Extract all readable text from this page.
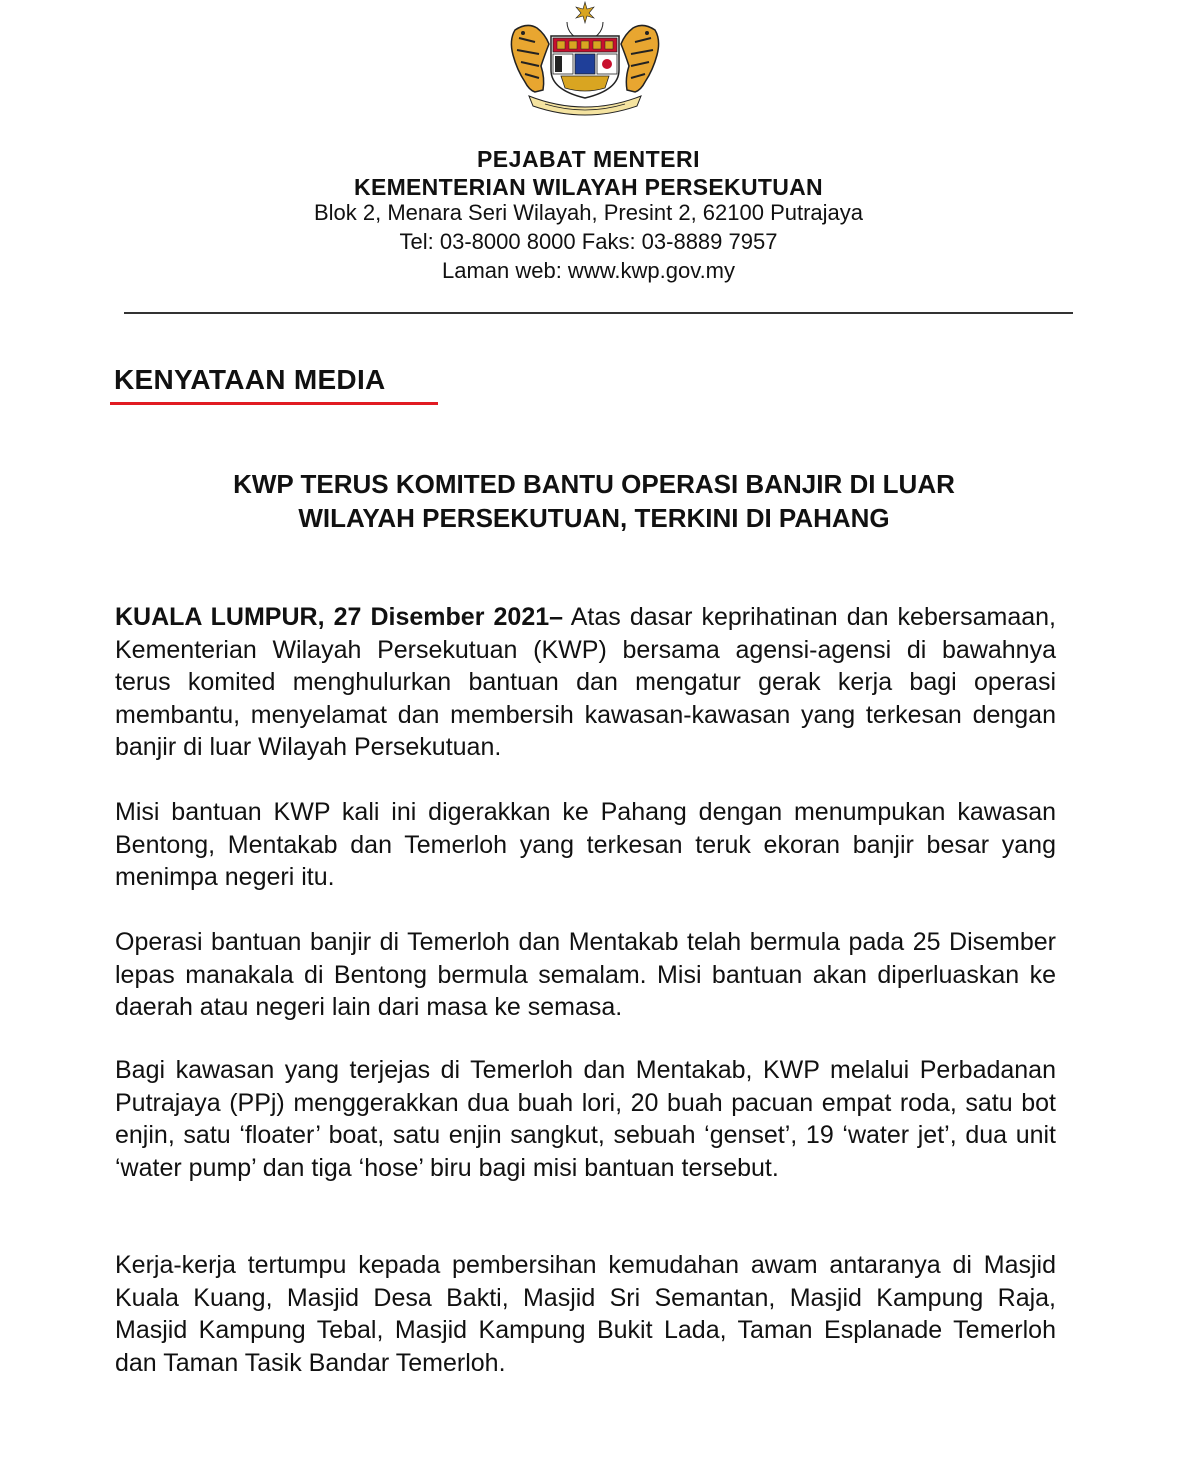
PEJABAT MENTERI
KEMENTERIAN WILAYAH PERSEKUTUAN
Blok 2, Menara Seri Wilayah, Presint 2, 62100 Putrajaya
Tel: 03-8000 8000 Faks: 03-8889 7957
Laman web: www.kwp.gov.my
KENYATAAN MEDIA
KWP TERUS KOMITED BANTU OPERASI BANJIR DI LUAR
WILAYAH PERSEKUTUAN, TERKINI DI PAHANG

KUALA LUMPUR, 27 Disember 2021– Atas dasar keprihatinan dan kebersamaan, Kementerian Wilayah Persekutuan (KWP) bersama agensi-agensi di bawahnya terus komited menghulurkan bantuan dan mengatur gerak kerja bagi operasi membantu, menyelamat dan membersih kawasan-kawasan yang terkesan dengan banjir di luar Wilayah Persekutuan.

Misi bantuan KWP kali ini digerakkan ke Pahang dengan menumpukan kawasan Bentong, Mentakab dan Temerloh yang terkesan teruk ekoran banjir besar yang menimpa negeri itu.

Operasi bantuan banjir di Temerloh dan Mentakab telah bermula pada 25 Disember lepas manakala di Bentong bermula semalam. Misi bantuan akan diperluaskan ke daerah atau negeri lain dari masa ke semasa.

Bagi kawasan yang terjejas di Temerloh dan Mentakab, KWP melalui Perbadanan Putrajaya (PPj) menggerakkan dua buah lori, 20 buah pacuan empat roda, satu bot enjin, satu ‘floater’ boat, satu enjin sangkut, sebuah ‘genset’, 19 ‘water jet’, dua unit ‘water pump’ dan tiga ‘hose’ biru bagi misi bantuan tersebut.

Kerja-kerja tertumpu kepada pembersihan kemudahan awam antaranya di Masjid Kuala Kuang, Masjid Desa Bakti, Masjid Sri Semantan, Masjid Kampung Raja, Masjid Kampung Tebal, Masjid Kampung Bukit Lada, Taman Esplanade Temerloh dan Taman Tasik Bandar Temerloh.
